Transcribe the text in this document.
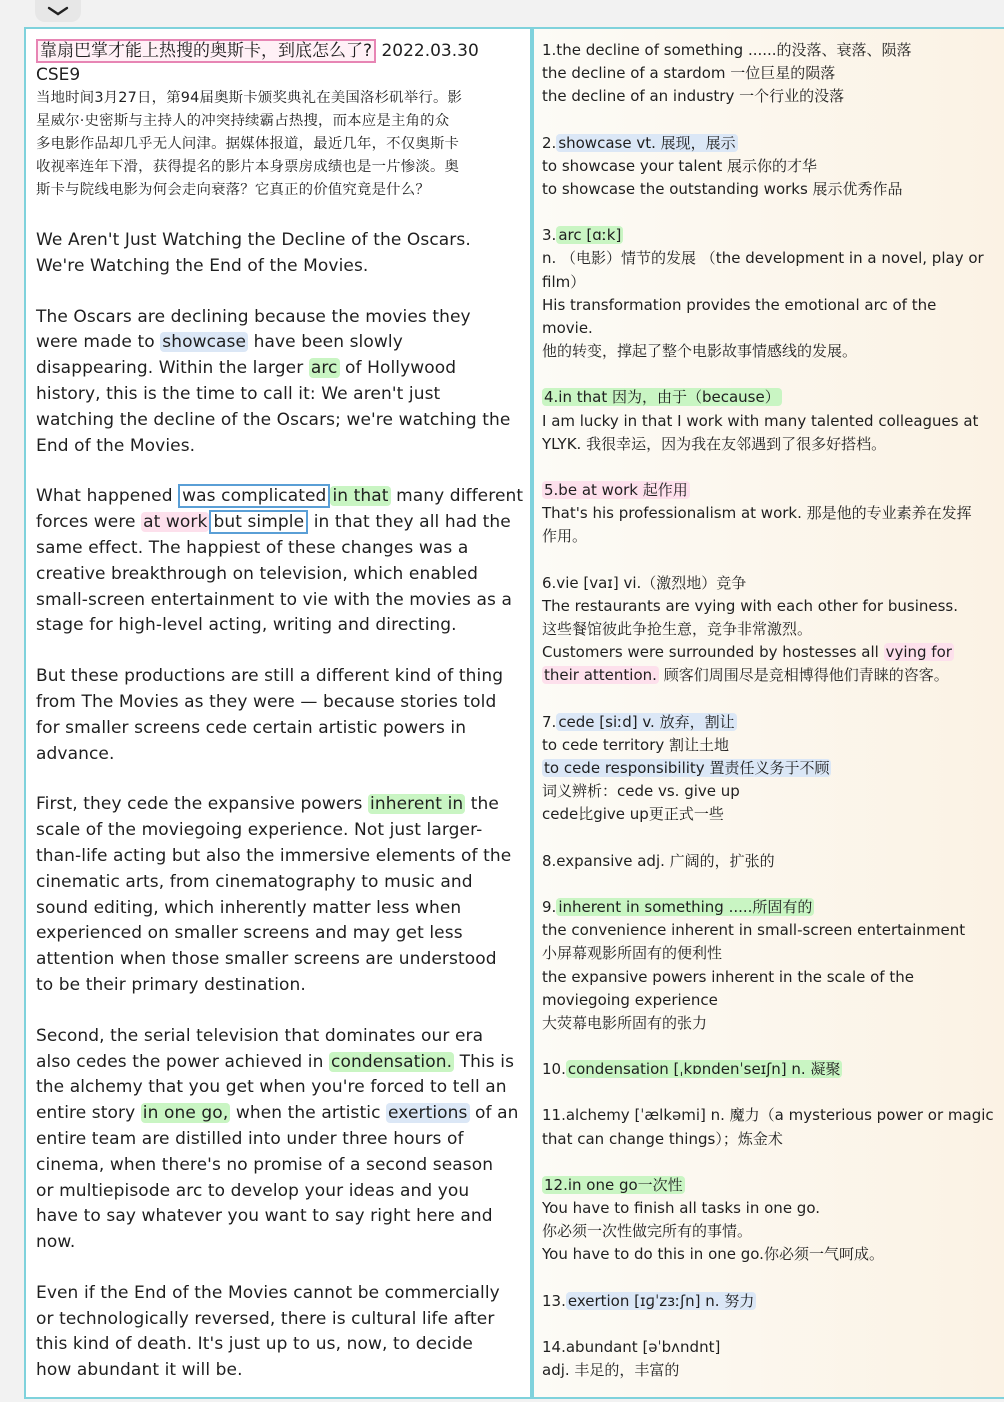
靠扇巴掌才能上热搜的奥斯卡，到底怎么了? 2022.03.30

CSE9

当地时间3月27日，第94届奥斯卡颁奖典礼在美国洛杉矶举行。影
星威尔·史密斯与主持人的冲突持续霸占热搜，而本应是主角的众
多电影作品却几乎无人问津。据媒体报道，最近几年，不仅奥斯卡
收视率连年下滑，获得提名的影片本身票房成绩也是一片惨淡。奥
斯卡与院线电影为何会走向衰落？它真正的价值究竟是什么？
We Aren't Just Watching the Decline of the Oscars.
We're Watching the End of the Movies.
The Oscars are declining because the movies they
were made to showcase have been slowly
disappearing. Within the larger arc of Hollywood
history, this is the time to call it: We aren't just
watching the decline of the Oscars; we're watching the
End of the Movies.
What happened was complicated in that many different
forces were at work but simple in that they all had the
same effect. The happiest of these changes was a
creative breakthrough on television, which enabled
small-screen entertainment to vie with the movies as a
stage for high-level acting, writing and directing.
But these productions are still a different kind of thing
from The Movies as they were — because stories told
for smaller screens cede certain artistic powers in
advance.
First, they cede the expansive powers inherent in the
scale of the moviegoing experience. Not just larger-
than-life acting but also the immersive elements of the
cinematic arts, from cinematography to music and
sound editing, which inherently matter less when
experienced on smaller screens and may get less
attention when those smaller screens are understood
to be their primary destination.
Second, the serial television that dominates our era
also cedes the power achieved in condensation. This is
the alchemy that you get when you're forced to tell an
entire story in one go, when the artistic exertions of an
entire team are distilled into under three hours of
cinema, when there's no promise of a second season
or multiepisode arc to develop your ideas and you
have to say whatever you want to say right here and
now.
Even if the End of the Movies cannot be commercially
or technologically reversed, there is cultural life after
this kind of death. It's just up to us, now, to decide
how abundant it will be.
1.the decline of something ......的没落、衰落、陨落
the decline of a stardom 一位巨星的陨落
the decline of an industry 一个行业的没落
2. showcase vt. 展现，展示
to showcase your talent 展示你的才华
to showcase the outstanding works 展示优秀作品
3. arc [ɑːk]
n. （电影）情节的发展 （the development in a novel, play or
film）
His transformation provides the emotional arc of the
movie.
他的转变，撑起了整个电影故事情感线的发展。
4.in that 因为，由于（because）
I am lucky in that I work with many talented colleagues at
YLYK. 我很幸运，因为我在友邻遇到了很多好搭档。
5.be at work 起作用
That's his professionalism at work. 那是他的专业素养在发挥
作用。
6.vie [vaɪ] vi.（激烈地）竞争
The restaurants are vying with each other for business.
这些餐馆彼此争抢生意，竞争非常激烈。
Customers were surrounded by hostesses all vying for
their attention. 顾客们周围尽是竞相博得他们青睐的咨客。
7. cede [siːd] v. 放弃，割让
to cede territory 割让土地
to cede responsibility 置责任义务于不顾
词义辨析：cede vs. give up
cede比give up更正式一些
8.expansive adj. 广阔的，扩张的
9. inherent in something .....所固有的
the convenience inherent in small-screen entertainment
小屏幕观影所固有的便利性
the expansive powers inherent in the scale of the
moviegoing experience
大荧幕电影所固有的张力
10. condensation [ˌkɒndenˈseɪʃn] n. 凝聚
11.alchemy [ˈælkəmi] n. 魔力（a mysterious power or magic
that can change things）；炼金术
12.in one go一次性
You have to finish all tasks in one go.
你必须一次性做完所有的事情。
You have to do this in one go.你必须一气呵成。
13. exertion [ɪɡˈzɜːʃn] n. 努力
14.abundant [əˈbʌndnt]
adj. 丰足的，丰富的
